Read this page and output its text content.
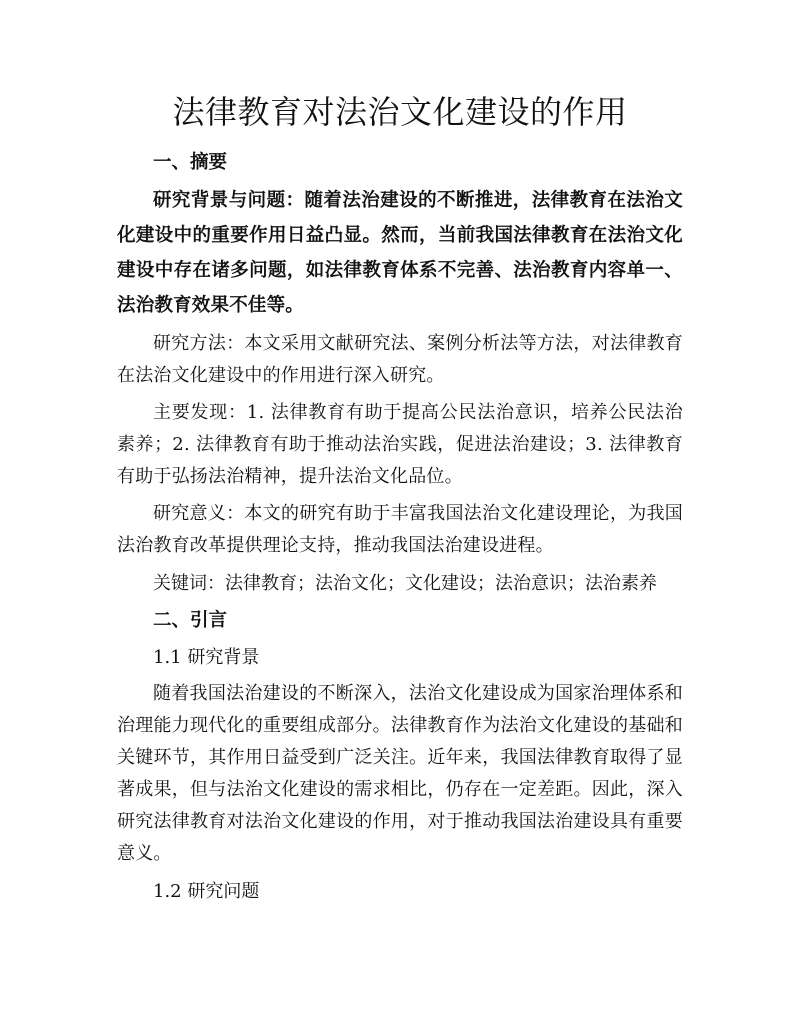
法律教育对法治文化建设的作用

一、摘要

研究背景与问题：随着法治建设的不断推进，法律教育在法治文化建设中的重要作用日益凸显。然而，当前我国法律教育在法治文化建设中存在诸多问题，如法律教育体系不完善、法治教育内容单一、法治教育效果不佳等。

研究方法：本文采用文献研究法、案例分析法等方法，对法律教育在法治文化建设中的作用进行深入研究。

主要发现：1. 法律教育有助于提高公民法治意识，培养公民法治素养；2. 法律教育有助于推动法治实践，促进法治建设；3. 法律教育有助于弘扬法治精神，提升法治文化品位。

研究意义：本文的研究有助于丰富我国法治文化建设理论，为我国法治教育改革提供理论支持，推动我国法治建设进程。

关键词：法律教育；法治文化；文化建设；法治意识；法治素养

二、引言

1.1 研究背景

随着我国法治建设的不断深入，法治文化建设成为国家治理体系和治理能力现代化的重要组成部分。法律教育作为法治文化建设的基础和关键环节，其作用日益受到广泛关注。近年来，我国法律教育取得了显著成果，但与法治文化建设的需求相比，仍存在一定差距。因此，深入研究法律教育对法治文化建设的作用，对于推动我国法治建设具有重要意义。

1.2 研究问题
